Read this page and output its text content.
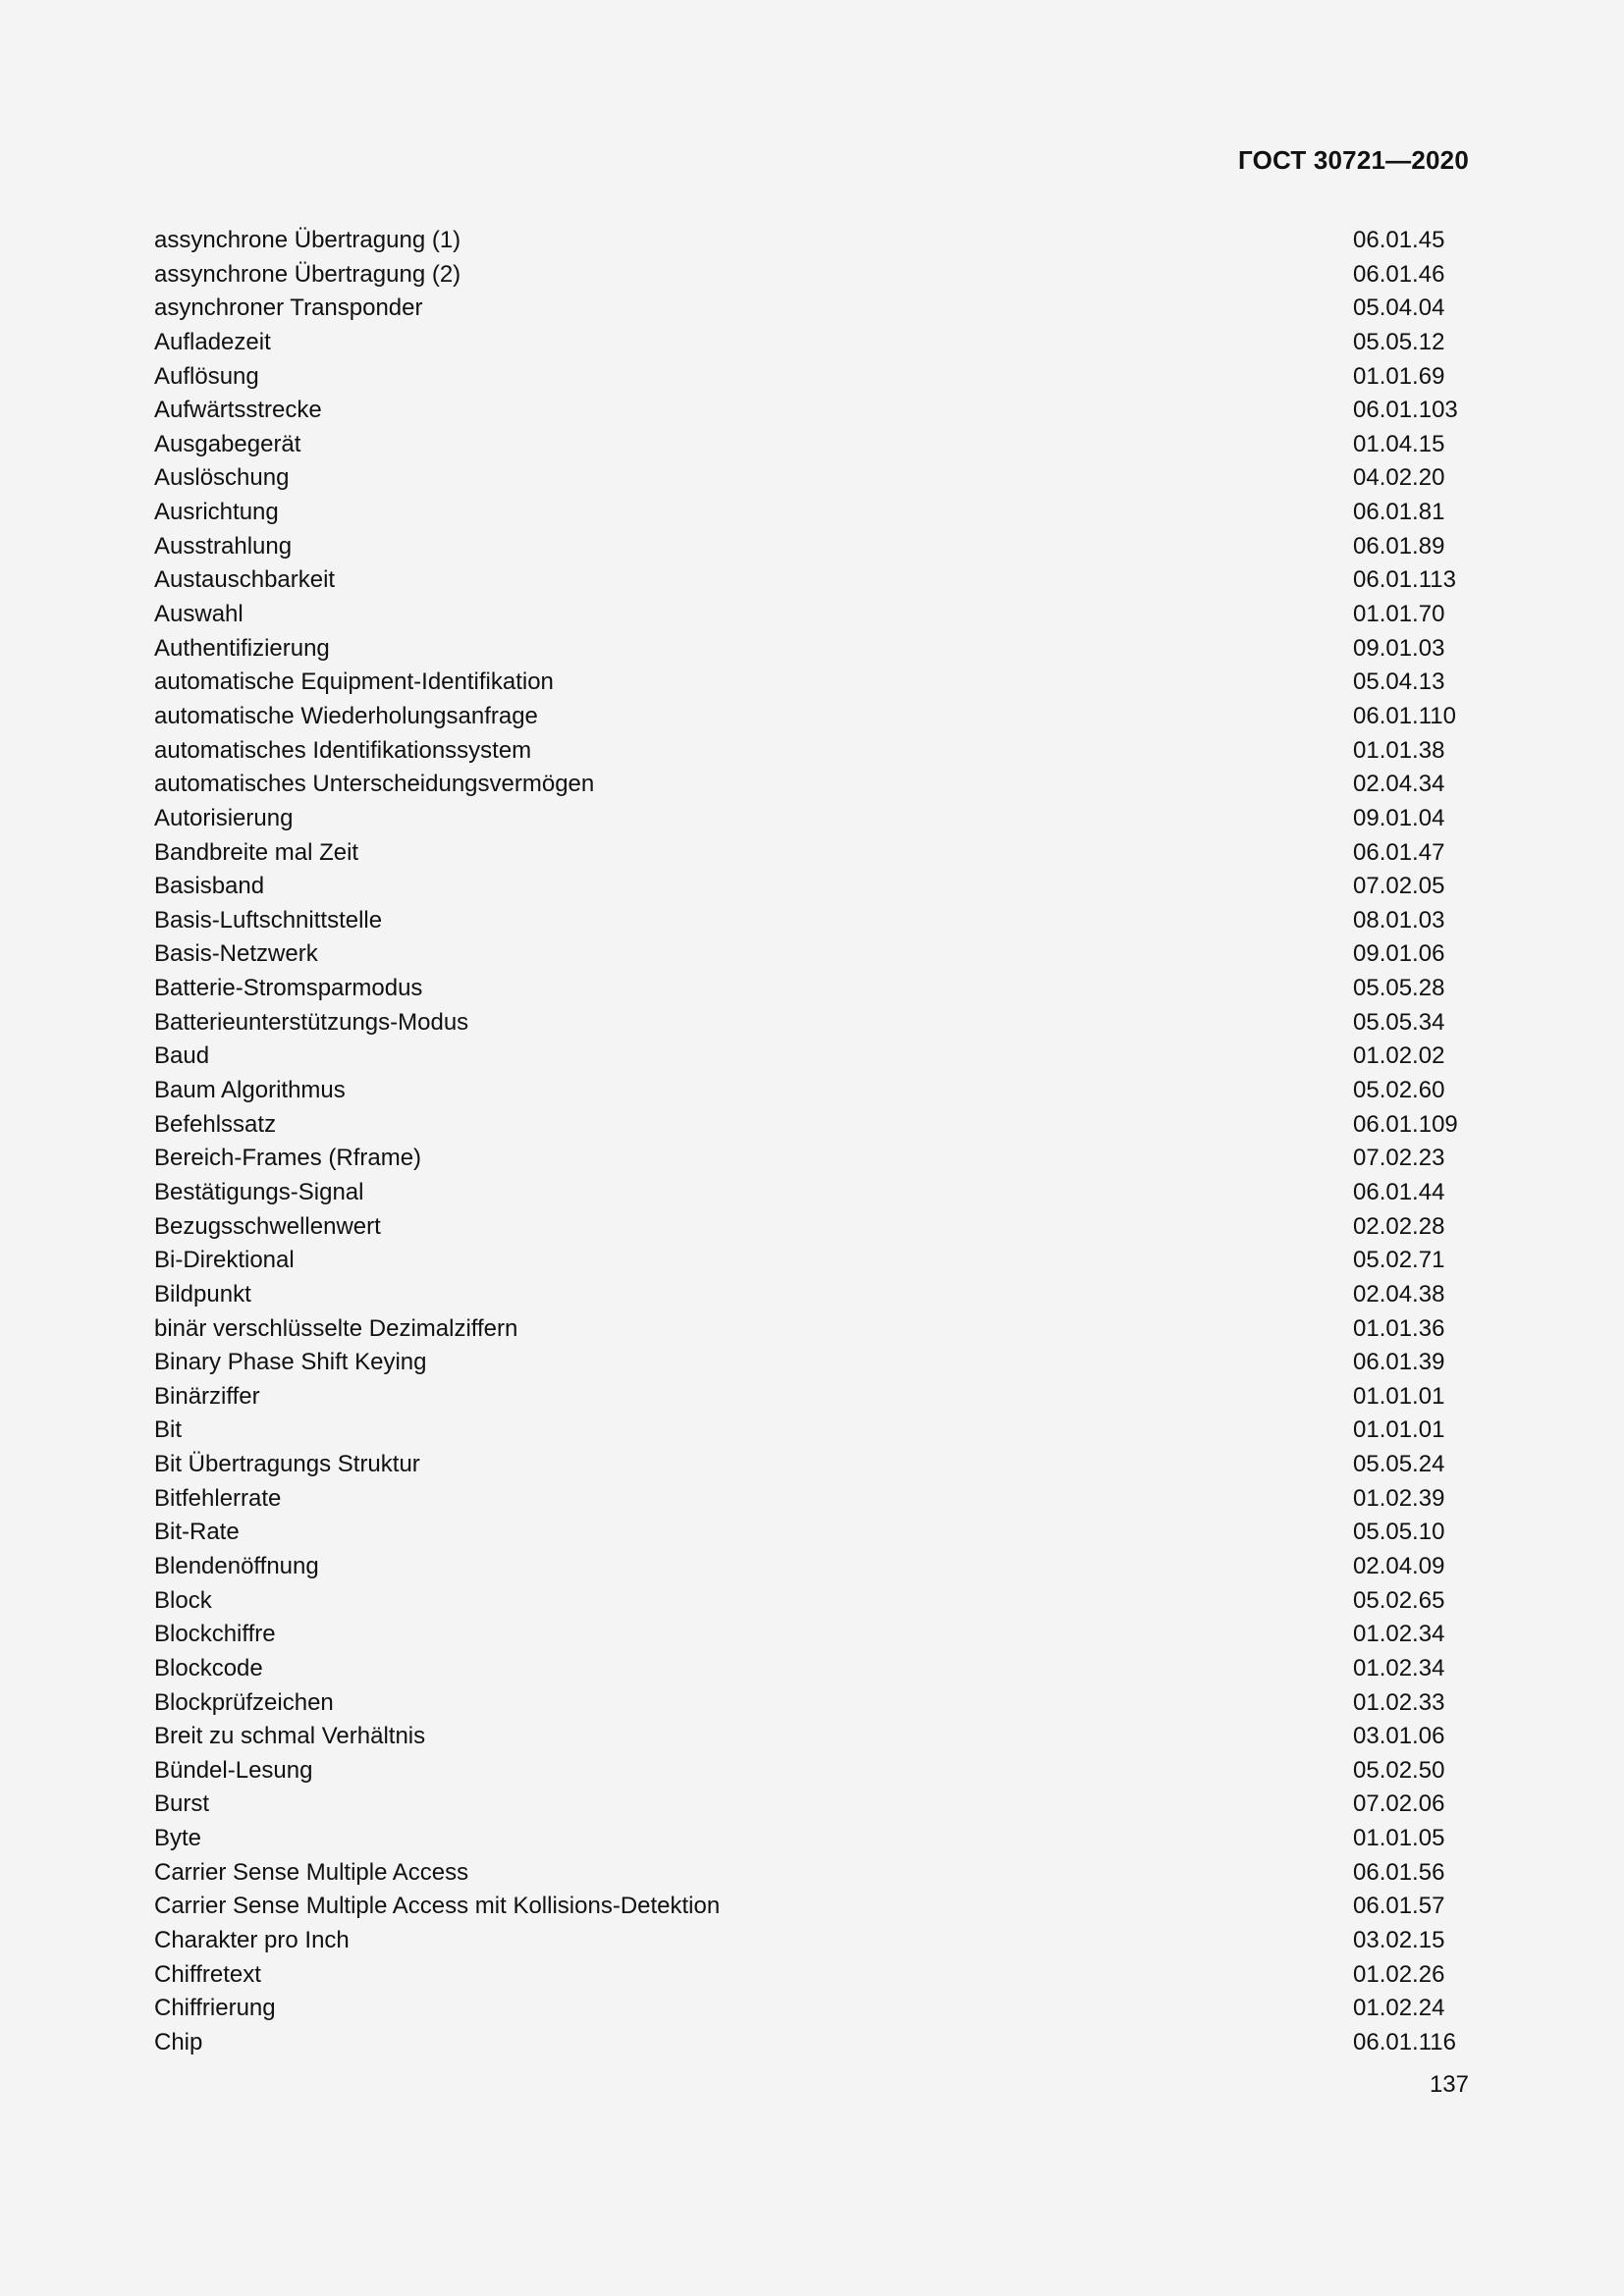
ГОСТ 30721—2020
assynchrone Übertragung (1)	06.01.45
assynchrone Übertragung (2)	06.01.46
asynchroner Transponder	05.04.04
Aufladezeit	05.05.12
Auflösung	01.01.69
Aufwärtsstrecke	06.01.103
Ausgabegerät	01.04.15
Auslöschung	04.02.20
Ausrichtung	06.01.81
Ausstrahlung	06.01.89
Austauschbarkeit	06.01.113
Auswahl	01.01.70
Authentifizierung	09.01.03
automatische Equipment-Identifikation	05.04.13
automatische Wiederholungsanfrage	06.01.110
automatisches Identifikationssystem	01.01.38
automatisches Unterscheidungsvermögen	02.04.34
Autorisierung	09.01.04
Bandbreite mal Zeit	06.01.47
Basisband	07.02.05
Basis-Luftschnittstelle	08.01.03
Basis-Netzwerk	09.01.06
Batterie-Stromsparmodus	05.05.28
Batterieunterstützungs-Modus	05.05.34
Baud	01.02.02
Baum Algorithmus	05.02.60
Befehlssatz	06.01.109
Bereich-Frames (Rframe)	07.02.23
Bestätigungs-Signal	06.01.44
Bezugsschwellenwert	02.02.28
Bi-Direktional	05.02.71
Bildpunkt	02.04.38
binär verschlüsselte Dezimalziffern	01.01.36
Binary Phase Shift Keying	06.01.39
Binärziffer	01.01.01
Bit	01.01.01
Bit Übertragungs Struktur	05.05.24
Bitfehlerrate	01.02.39
Bit-Rate	05.05.10
Blendenöffnung	02.04.09
Block	05.02.65
Blockchiffre	01.02.34
Blockcode	01.02.34
Blockprüfzeichen	01.02.33
Breit zu schmal Verhältnis	03.01.06
Bündel-Lesung	05.02.50
Burst	07.02.06
Byte	01.01.05
Carrier Sense Multiple Access	06.01.56
Carrier Sense Multiple Access mit Kollisions-Detektion	06.01.57
Charakter pro Inch	03.02.15
Chiffretext	01.02.26
Chiffrierung	01.02.24
Chip	06.01.116
137
